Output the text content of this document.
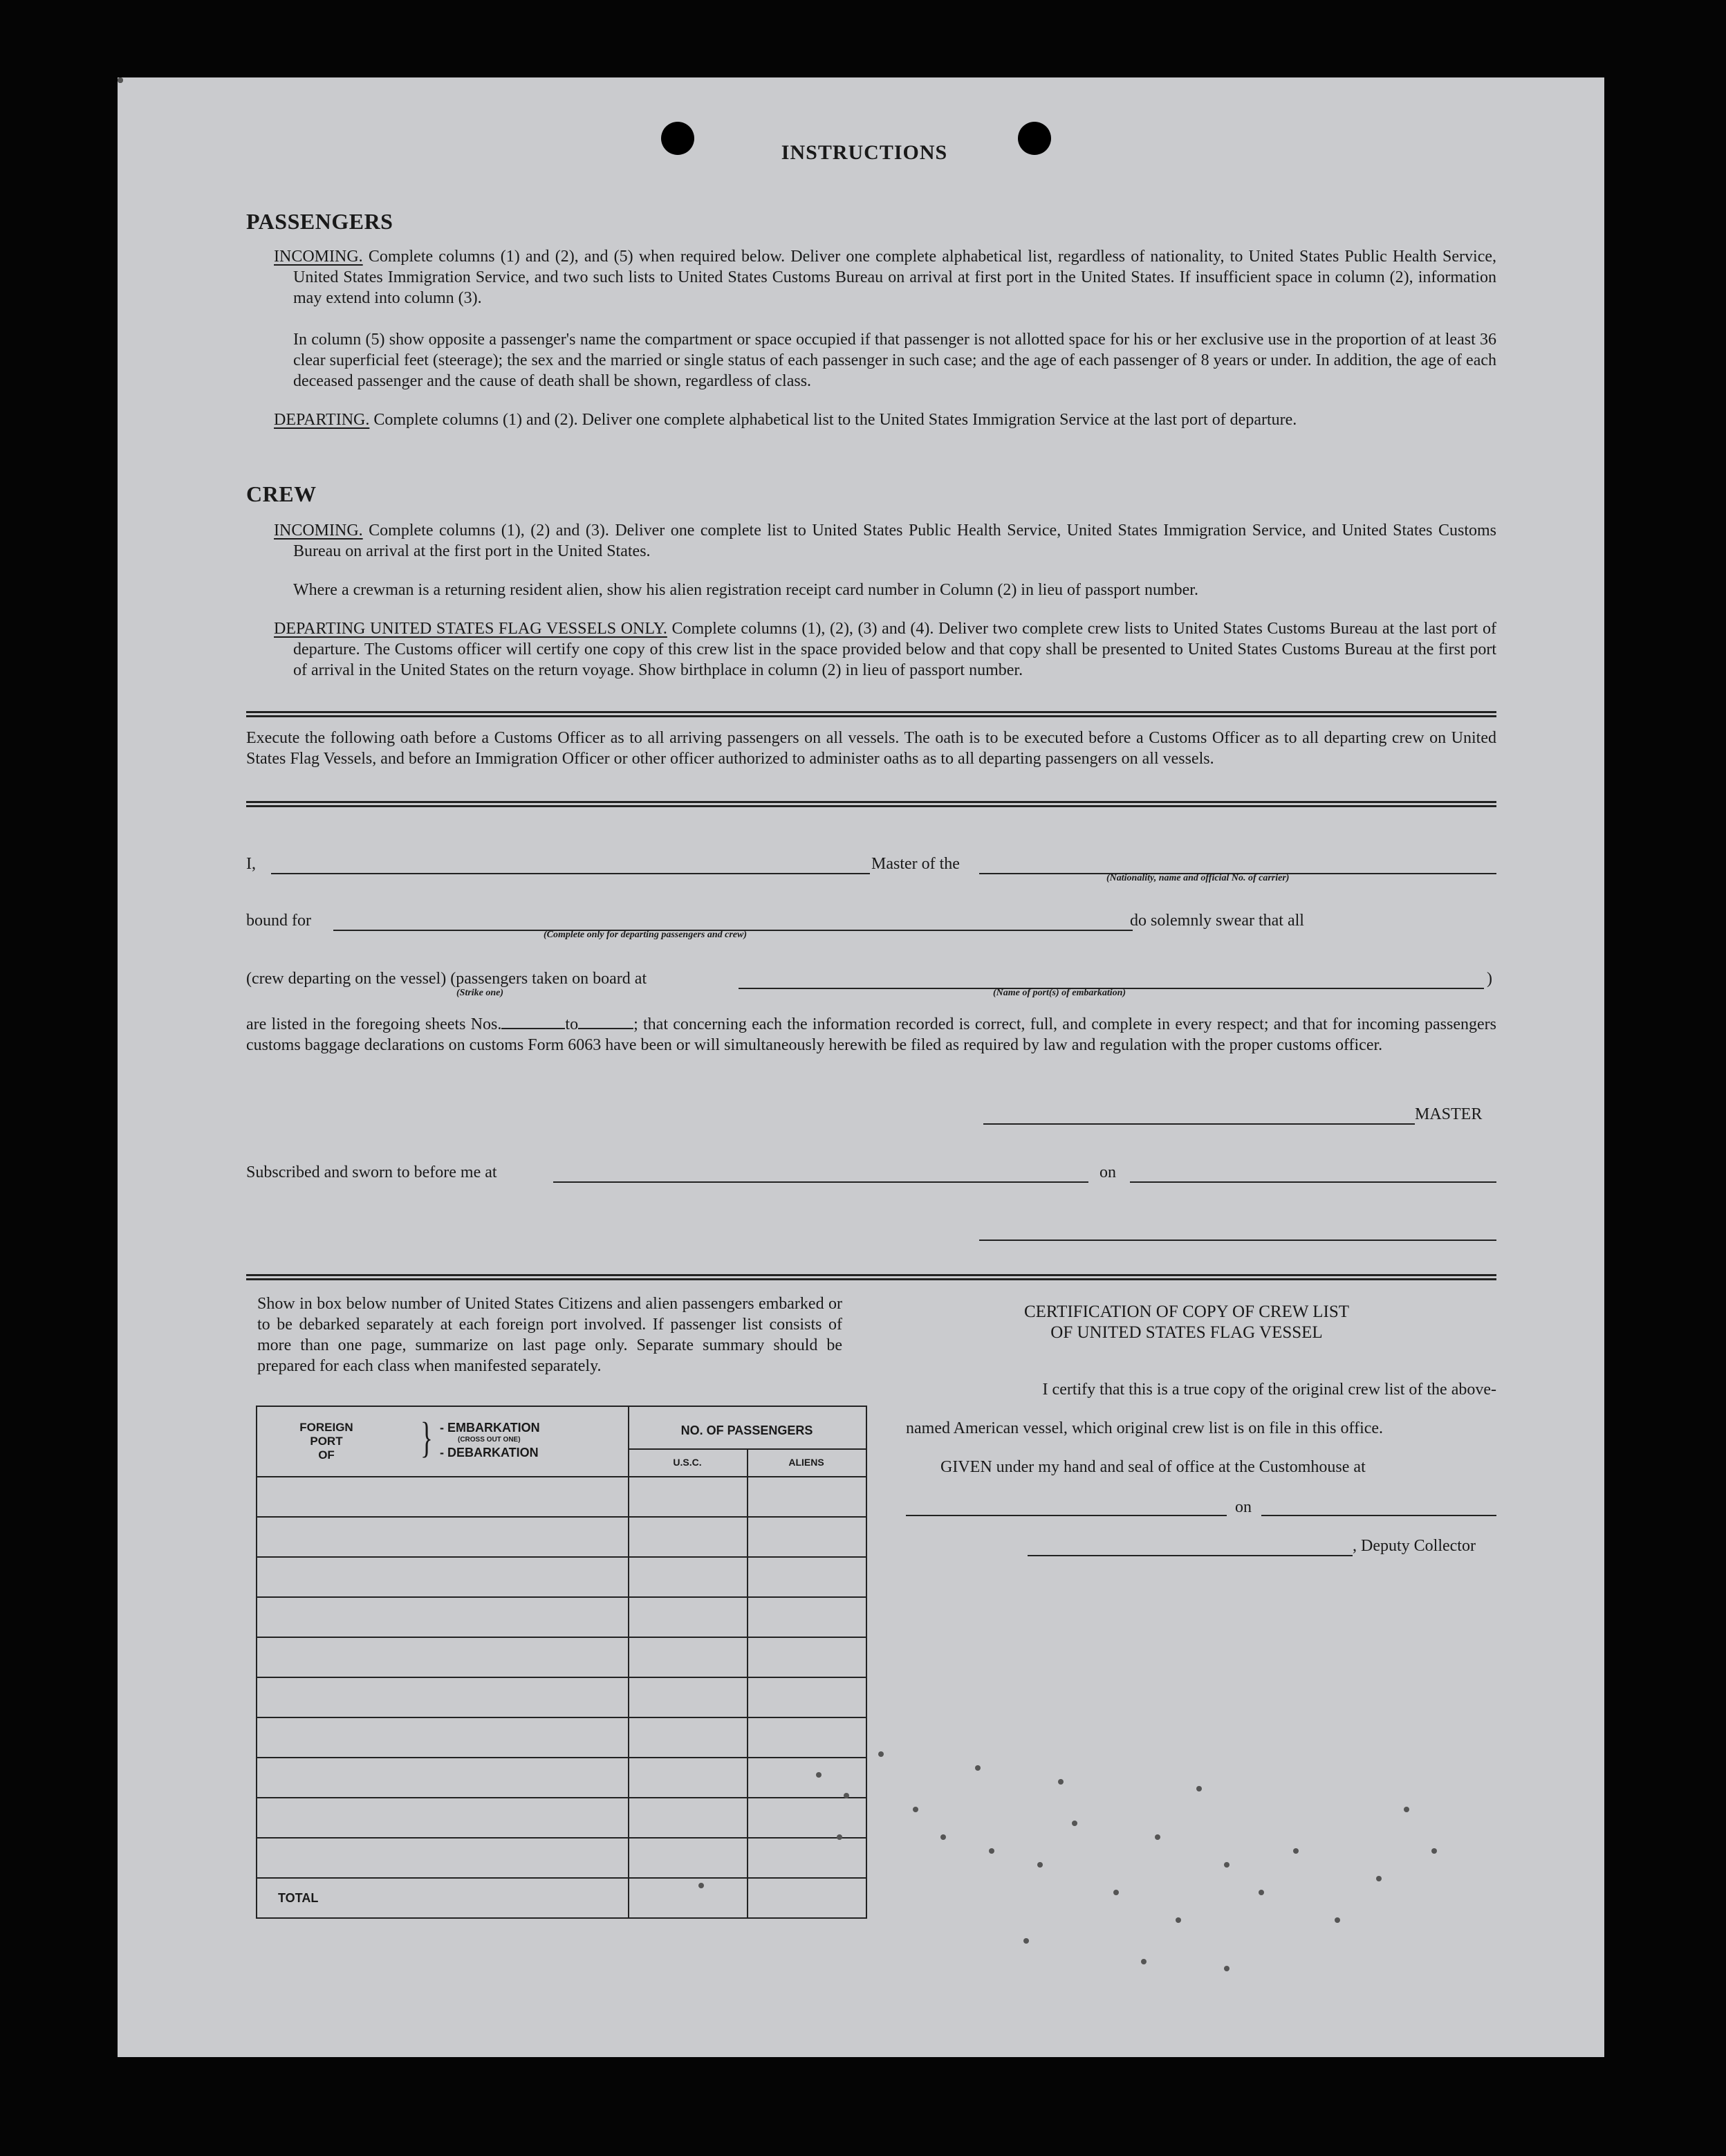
INSTRUCTIONS
PASSENGERS

INCOMING. Complete columns (1) and (2), and (5) when required below. Deliver one complete alphabetical list, regardless of nationality, to United States Public Health Service, United States Immigration Service, and two such lists to United States Customs Bureau on arrival at first port in the United States. If insufficient space in column (2), information may extend into column (3).

In column (5) show opposite a passenger's name the compartment or space occupied if that passenger is not allotted space for his or her exclusive use in the proportion of at least 36 clear superficial feet (steerage); the sex and the married or single status of each passenger in such case; and the age of each passenger of 8 years or under. In addition, the age of each deceased passenger and the cause of death shall be shown, regardless of class.

DEPARTING. Complete columns (1) and (2). Deliver one complete alphabetical list to the United States Immigration Service at the last port of departure.

CREW

INCOMING. Complete columns (1), (2) and (3). Deliver one complete list to United States Public Health Service, United States Immigration Service, and United States Customs Bureau on arrival at the first port in the United States.

Where a crewman is a returning resident alien, show his alien registration receipt card number in Column (2) in lieu of passport number.

DEPARTING UNITED STATES FLAG VESSELS ONLY. Complete columns (1), (2), (3) and (4). Deliver two complete crew lists to United States Customs Bureau at the last port of departure. The Customs officer will certify one copy of this crew list in the space provided below and that copy shall be presented to United States Customs Bureau at the first port of arrival in the United States on the return voyage. Show birthplace in column (2) in lieu of passport number.

Execute the following oath before a Customs Officer as to all arriving passengers on all vessels. The oath is to be executed before a Customs Officer as to all departing crew on United States Flag Vessels, and before an Immigration Officer or other officer authorized to administer oaths as to all departing passengers on all vessels.

I,	Master of the
(Nationality, name and official No. of carrier)
bound for
(Complete only for departing passengers and crew)
do solemnly swear that all
(crew departing on the vessel) (passengers taken on board at
(Strike one)	(Name of port(s) of embarkation)
)

are listed in the foregoing sheets Nos.	to	; that concerning each the information recorded is correct, full, and complete in every respect; and that for incoming passengers customs baggage declarations on customs Form 6063 have been or will simultaneously herewith be filed as required by law and regulation with the proper customs officer.

MASTER
Subscribed and sworn to before me at	on

Show in box below number of United States Citizens and alien passengers embarked or to be debarked separately at each foreign port involved. If passenger list consists of more than one page, summarize on last page only. Separate summary should be prepared for each class when manifested separately.

FOREIGN
PORT
OF	} - EMBARKATION
(CROSS OUT ONE)
- DEBARKATION
NO. OF PASSENGERS
U.S.C.	ALIENS
TOTAL
CERTIFICATION OF COPY OF CREW LIST
OF UNITED STATES FLAG VESSEL
I certify that this is a true copy of the original crew list of the above-
named American vessel, which original crew list is on file in this office.
GIVEN under my hand and seal of office at the Customhouse at
on
, Deputy Collector
